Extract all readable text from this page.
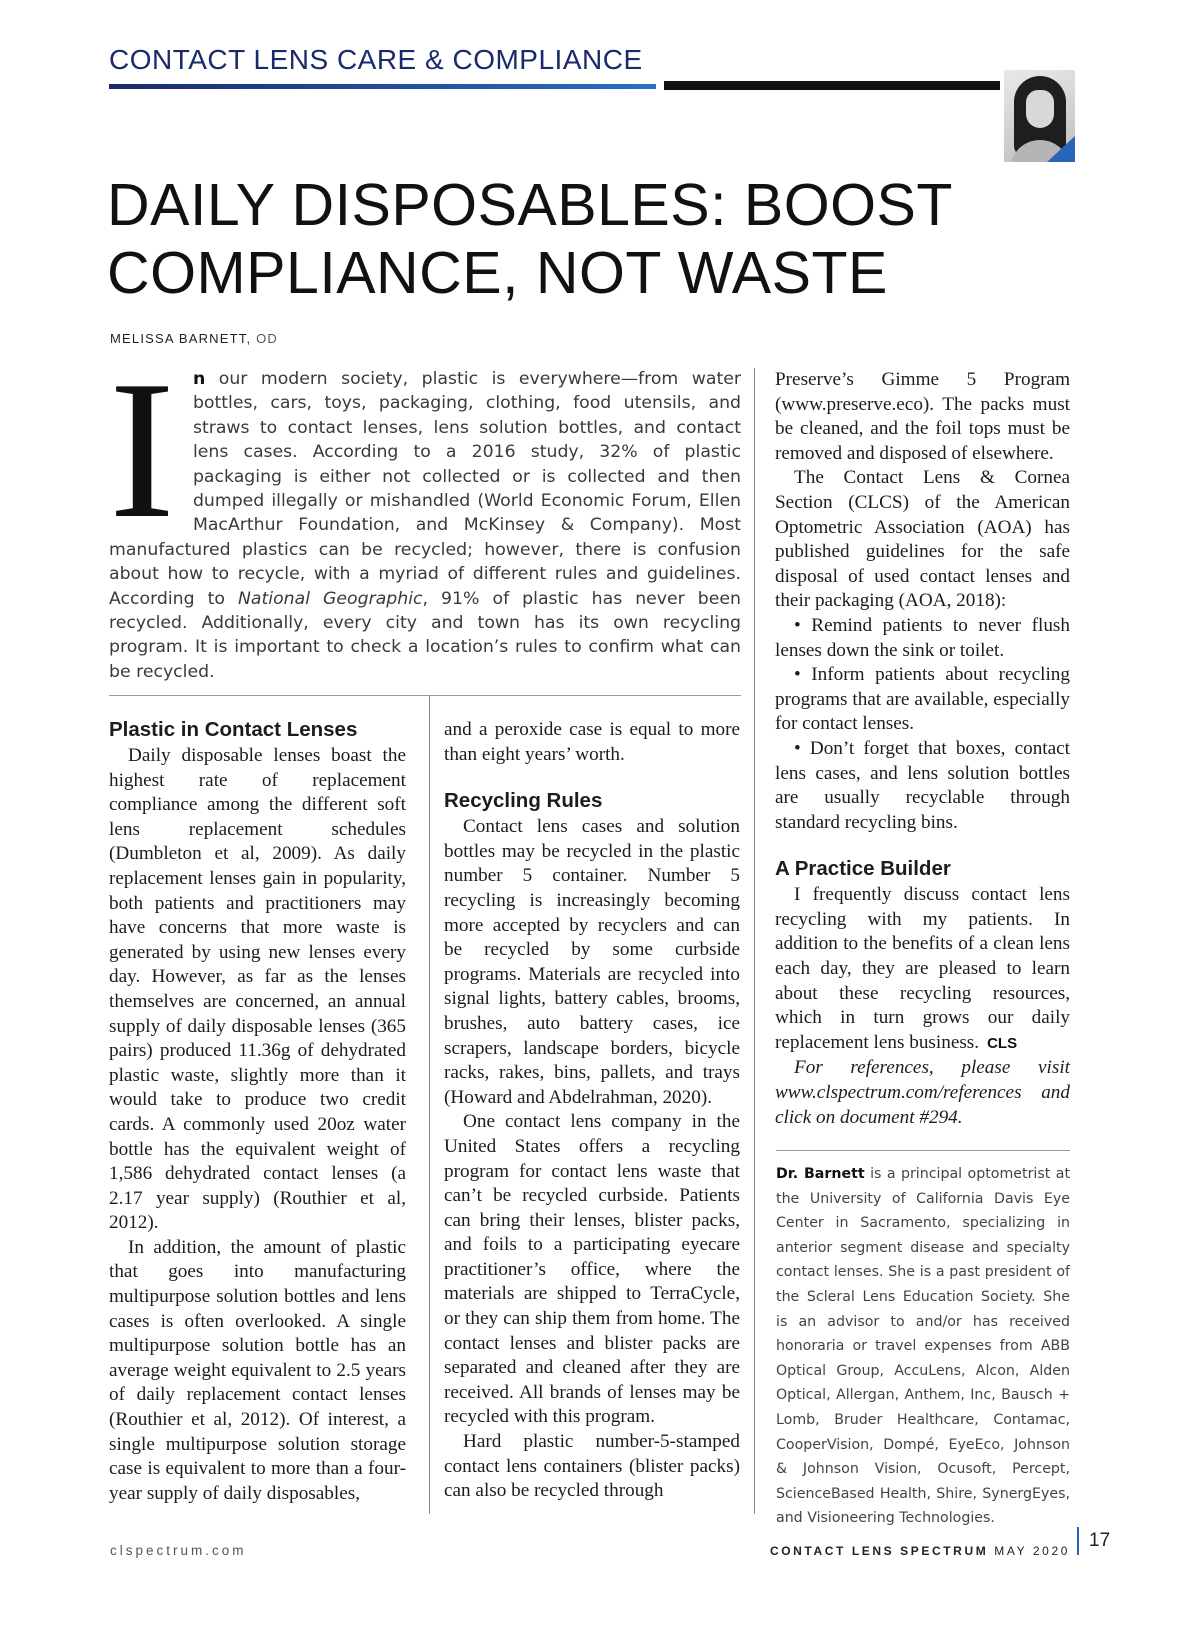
CONTACT LENS CARE & COMPLIANCE
DAILY DISPOSABLES: BOOST
COMPLIANCE, NOT WASTE
MELISSA BARNETT, OD
I n our modern society, plastic is everywhere—from water bottles, cars, toys, packaging, clothing, food utensils, and straws to contact lenses, lens solution bottles, and contact lens cases. According to a 2016 study, 32% of plastic packaging is either not collected or is collected and then dumped illegally or mishandled (World Economic Forum, Ellen MacArthur Foundation, and McKinsey & Company). Most manufactured plastics can be recycled; however, there is confusion about how to recycle, with a myriad of different rules and guidelines. According to National Geographic, 91% of plastic has never been recycled. Additionally, every city and town has its own recycling program. It is important to check a location’s rules to confirm what can be recycled.
Plastic in Contact Lenses

Daily disposable lenses boast the highest rate of replacement compliance among the different soft lens replacement schedules (Dumbleton et al, 2009). As daily replacement lenses gain in popularity, both patients and practitioners may have concerns that more waste is generated by using new lenses every day. However, as far as the lenses themselves are concerned, an annual supply of daily disposable lenses (365 pairs) produced 11.36g of dehydrated plastic waste, slightly more than it would take to produce two credit cards. A commonly used 20oz water bottle has the equivalent weight of 1,586 dehydrated contact lenses (a 2.17 year supply) (Routhier et al, 2012).

In addition, the amount of plastic that goes into manufacturing multipurpose solution bottles and lens cases is often overlooked. A single multipurpose solution bottle has an average weight equivalent to 2.5 years of daily replacement contact lenses (Routhier et al, 2012). Of interest, a single multipurpose solution storage case is equivalent to more than a four-year supply of daily disposables,

and a peroxide case is equal to more than eight years’ worth.

Recycling Rules

Contact lens cases and solution bottles may be recycled in the plastic number 5 container. Number 5 recycling is increasingly becoming more accepted by recyclers and can be recycled by some curbside programs. Materials are recycled into signal lights, battery cables, brooms, brushes, auto battery cases, ice scrapers, landscape borders, bicycle racks, rakes, bins, pallets, and trays (Howard and Abdelrahman, 2020).

One contact lens company in the United States offers a recycling program for contact lens waste that can’t be recycled curbside. Patients can bring their lenses, blister packs, and foils to a participating eyecare practitioner’s office, where the materials are shipped to TerraCycle, or they can ship them from home. The contact lenses and blister packs are separated and cleaned after they are received. All brands of lenses may be recycled with this program.

Hard plastic number-5-stamped contact lens containers (blister packs) can also be recycled through

Preserve’s Gimme 5 Program (www.preserve.eco). The packs must be cleaned, and the foil tops must be removed and disposed of elsewhere.

The Contact Lens & Cornea Section (CLCS) of the American Optometric Association (AOA) has published guidelines for the safe disposal of used contact lenses and their packaging (AOA, 2018):

• Remind patients to never flush lenses down the sink or toilet.

• Inform patients about recycling programs that are available, especially for contact lenses.

• Don’t forget that boxes, contact lens cases, and lens solution bottles are usually recyclable through standard recycling bins.

A Practice Builder

I frequently discuss contact lens recycling with my patients. In addition to the benefits of a clean lens each day, they are pleased to learn about these recycling resources, which in turn grows our daily replacement lens business. CLS

For references, please visit www.clspectrum.com/references and click on document #294.

Dr. Barnett is a principal optometrist at the University of California Davis Eye Center in Sacramento, specializing in anterior segment disease and specialty contact lenses. She is a past president of the Scleral Lens Education Society. She is an advisor to and/or has received honoraria or travel expenses from ABB Optical Group, AccuLens, Alcon, Alden Optical, Allergan, Anthem, Inc, Bausch + Lomb, Bruder Healthcare, Contamac, CooperVision, Dompé, EyeEco, Johnson & Johnson Vision, Ocusoft, Percept, ScienceBased Health, Shire, SynergEyes, and Visioneering Technologies.
clspectrum.com	CONTACT LENS SPECTRUM MAY 2020 17
